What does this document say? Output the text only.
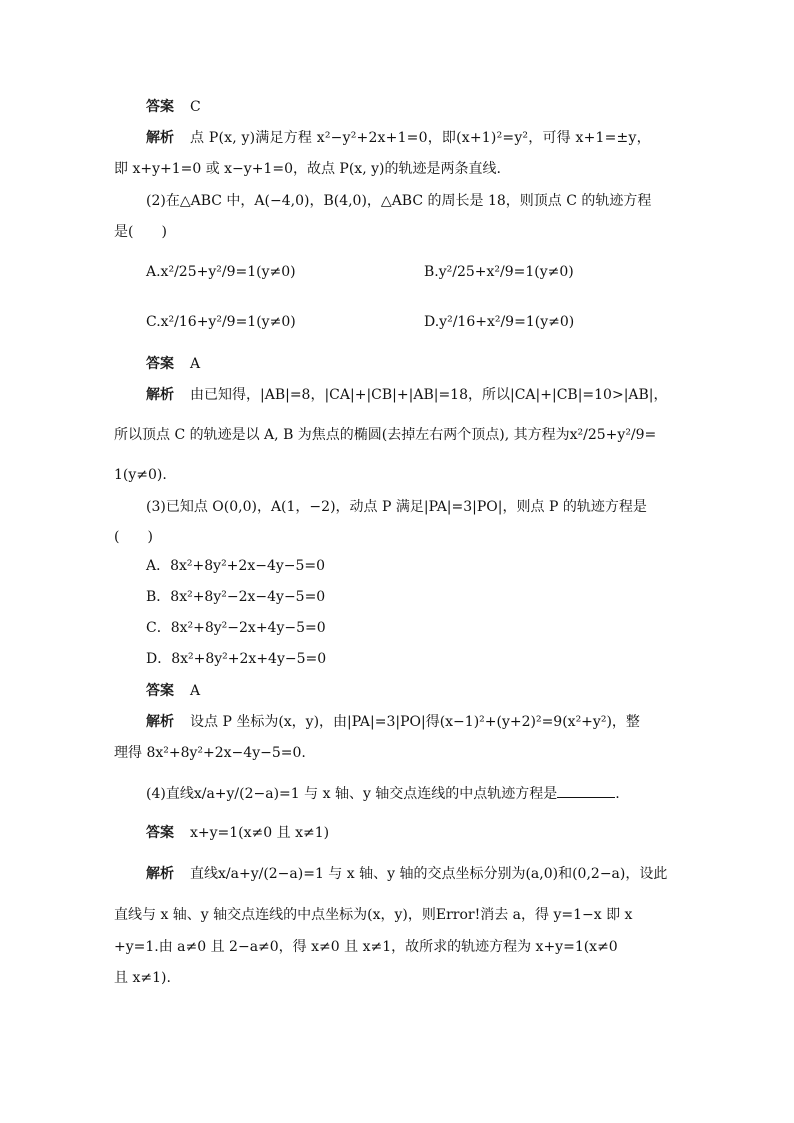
答案 C
解析 点 P(x, y)满足方程 x²−y²+2x+1=0，即(x+1)²=y²，可得 x+1=±y，
即 x+y+1=0 或 x−y+1=0，故点 P(x, y)的轨迹是两条直线.
(2)在△ABC 中，A(−4,0)，B(4,0)，△ABC 的周长是 18，则顶点 C 的轨迹方程
是(　　)
A.x²/25+y²/9=1(y≠0)	B.y²/25+x²/9=1(y≠0)
C.x²/16+y²/9=1(y≠0)	D.y²/16+x²/9=1(y≠0)
答案 A
解析 由已知得，|AB|=8，|CA|+|CB|+|AB|=18，所以|CA|+|CB|=10>|AB|，
所以顶点 C 的轨迹是以 A, B 为焦点的椭圆(去掉左右两个顶点), 其方程为x²/25+y²/9=
1(y≠0).
(3)已知点 O(0,0)，A(1，−2)，动点 P 满足|PA|=3|PO|，则点 P 的轨迹方程是
(　　)
A．8x²+8y²+2x−4y−5=0
B．8x²+8y²−2x−4y−5=0
C．8x²+8y²−2x+4y−5=0
D．8x²+8y²+2x+4y−5=0
答案 A
解析 设点 P 坐标为(x，y)，由|PA|=3|PO|得(x−1)²+(y+2)²=9(x²+y²)，整
理得 8x²+8y²+2x−4y−5=0.
(4)直线x/a+y/(2−a)=1 与 x 轴、y 轴交点连线的中点轨迹方程是	.
答案 x+y=1(x≠0 且 x≠1)
解析 直线x/a+y/(2−a)=1 与 x 轴、y 轴的交点坐标分别为(a,0)和(0,2−a)，设此
直线与 x 轴、y 轴交点连线的中点坐标为(x，y)，则Error!消去 a，得 y=1−x 即 x
+y=1.由 a≠0 且 2−a≠0，得 x≠0 且 x≠1，故所求的轨迹方程为 x+y=1(x≠0
且 x≠1).
